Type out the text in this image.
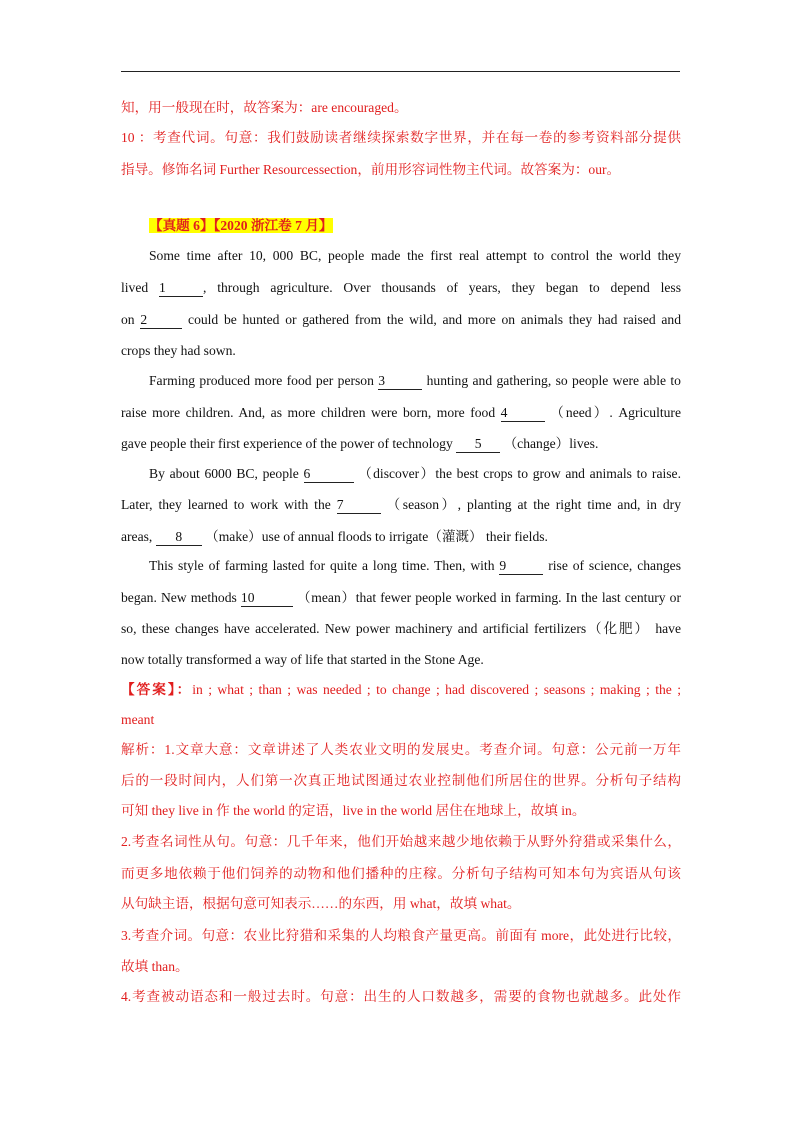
知，用一般现在时，故答案为：are encouraged。
10 ：考查代词。句意：我们鼓励读者继续探索数字世界，并在每一卷的参考资料部分提供
指导。修饰名词 Further Resourcessection，前用形容词性物主代词。故答案为：our。
【真题 6】【2020 浙江卷 7 月】
Some time after 10, 000 BC, people made the first real attempt to control the world they
lived 1	, through agriculture. Over thousands of years, they began to depend less
on 2	could be hunted or gathered from the wild, and more on animals they had raised and
crops they had sown.
Farming produced more food per person 3	hunting and gathering, so people were able to
raise more children. And, as more children were born, more food 4	（need）. Agriculture
gave people their first experience of the power of technology 5 （change）lives.
By about 6000 BC, people 6	（discover）the best crops to grow and animals to raise.
Later, they learned to work with the 7	（season）, planting at the right time and, in dry
areas, 8 （make）use of annual floods to irrigate（灌溉） their fields.
This style of farming lasted for quite a long time. Then, with 9	rise of science, changes
began. New methods 10	（mean）that fewer people worked in farming. In the last century or
so, these changes have accelerated. New power machinery and artificial fertilizers（化肥） have
now totally transformed a way of life that started in the Stone Age.
【答案】：in ; what ; than ; was needed ; to change ; had discovered ; seasons ; making ; the ;
meant
解析：1.文章大意：文章讲述了人类农业文明的发展史。考查介词。句意：公元前一万年
后的一段时间内，人们第一次真正地试图通过农业控制他们所居住的世界。分析句子结构
可知 they live in 作 the world 的定语，live in the world 居住在地球上，故填 in。
2.考查名词性从句。句意：几千年来，他们开始越来越少地依赖于从野外狩猎或采集什么，
而更多地依赖于他们饲养的动物和他们播种的庄稼。分析句子结构可知本句为宾语从句该
从句缺主语，根据句意可知表示……的东西，用 what，故填 what。
3.考查介词。句意：农业比狩猎和采集的人均粮食产量更高。前面有 more，此处进行比较，
故填 than。
4.考查被动语态和一般过去时。句意：出生的人口数越多，需要的食物也就越多。此处作
